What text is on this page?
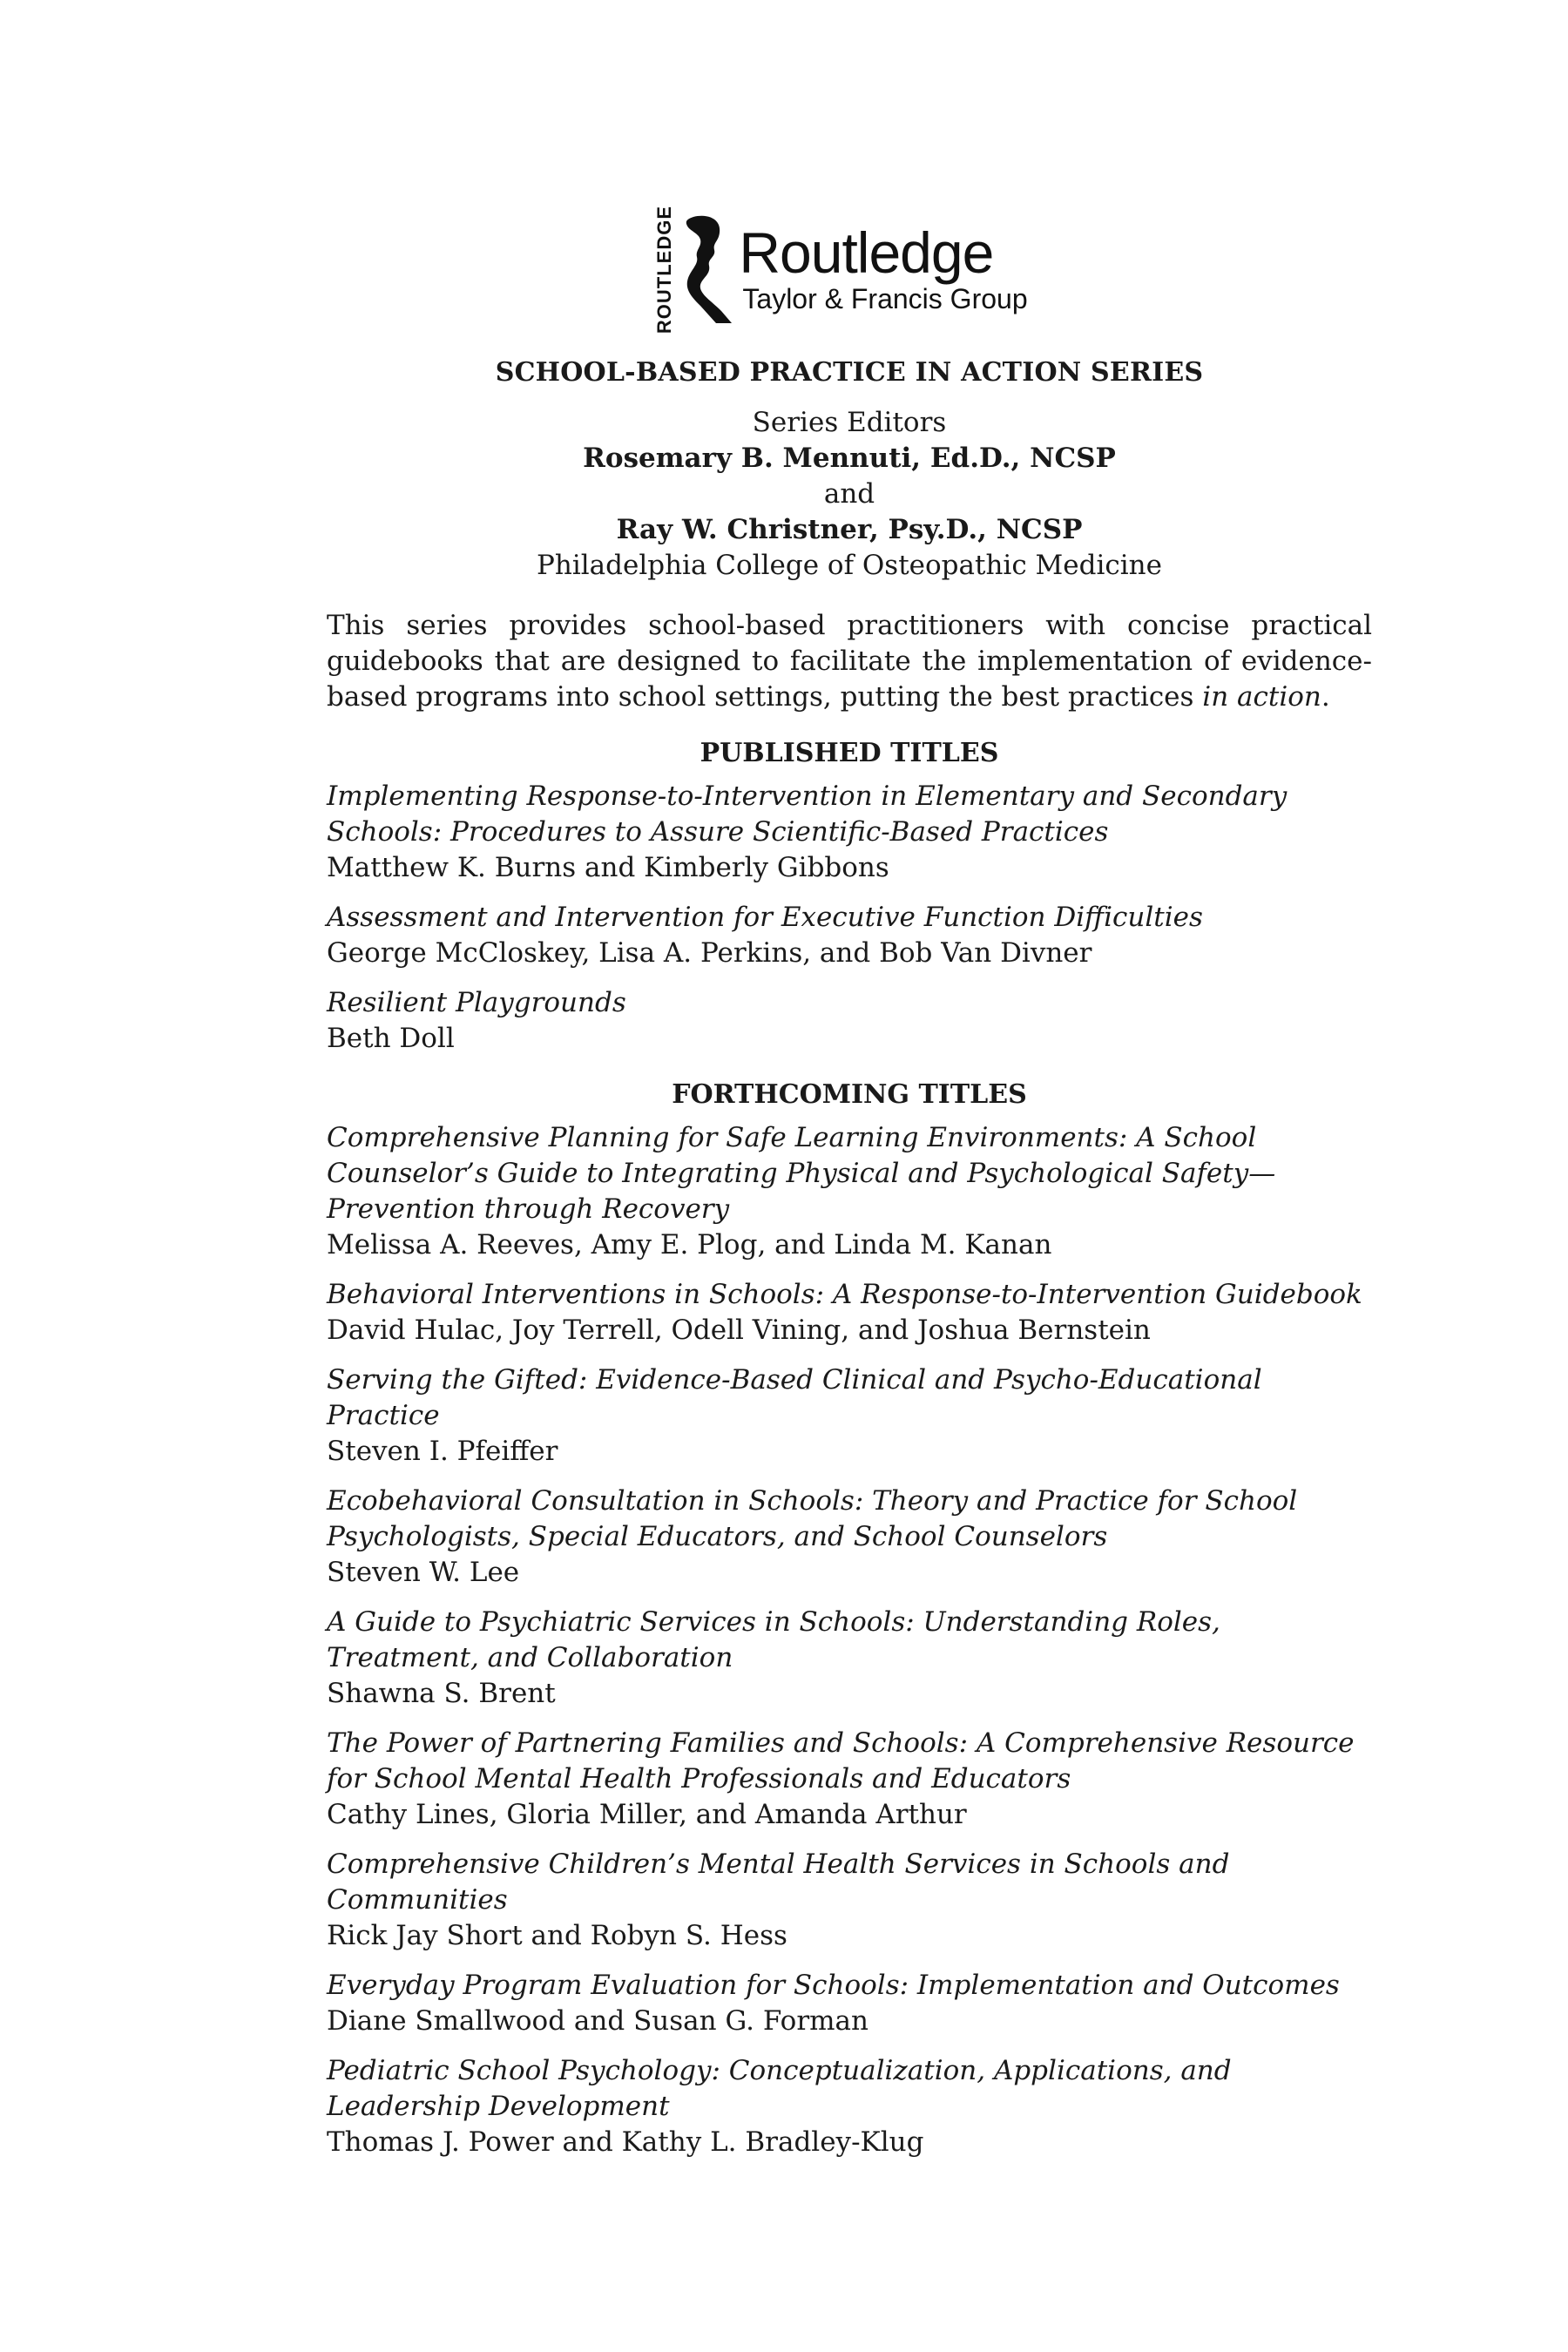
ROUTLEDGE Routledge
Taylor & Francis Group
SCHOOL-BASED PRACTICE IN ACTION SERIES
Series Editors
Rosemary B. Mennuti, Ed.D., NCSP
and
Ray W. Christner, Psy.D., NCSP
Philadelphia College of Osteopathic Medicine
This series provides school-based practitioners with concise practical guidebooks that are designed to facilitate the implementation of evidence-based programs into school settings, putting the best practices in action.
PUBLISHED TITLES
Implementing Response-to-Intervention in Elementary and Secondary Schools: Procedures to Assure Scientific-Based Practices
Matthew K. Burns and Kimberly Gibbons
Assessment and Intervention for Executive Function Difficulties
George McCloskey, Lisa A. Perkins, and Bob Van Divner
Resilient Playgrounds
Beth Doll
FORTHCOMING TITLES
Comprehensive Planning for Safe Learning Environments: A School Counselor’s Guide to Integrating Physical and Psychological Safety—Prevention through Recovery
Melissa A. Reeves, Amy E. Plog, and Linda M. Kanan
Behavioral Interventions in Schools: A Response-to-Intervention Guidebook
David Hulac, Joy Terrell, Odell Vining, and Joshua Bernstein
Serving the Gifted: Evidence-Based Clinical and Psycho-Educational Practice
Steven I. Pfeiffer
Ecobehavioral Consultation in Schools: Theory and Practice for School Psychologists, Special Educators, and School Counselors
Steven W. Lee
A Guide to Psychiatric Services in Schools: Understanding Roles, Treatment, and Collaboration
Shawna S. Brent
The Power of Partnering Families and Schools: A Comprehensive Resource for School Mental Health Professionals and Educators
Cathy Lines, Gloria Miller, and Amanda Arthur
Comprehensive Children’s Mental Health Services in Schools and Communities
Rick Jay Short and Robyn S. Hess
Everyday Program Evaluation for Schools: Implementation and Outcomes
Diane Smallwood and Susan G. Forman
Pediatric School Psychology: Conceptualization, Applications, and Leadership Development
Thomas J. Power and Kathy L. Bradley-Klug
